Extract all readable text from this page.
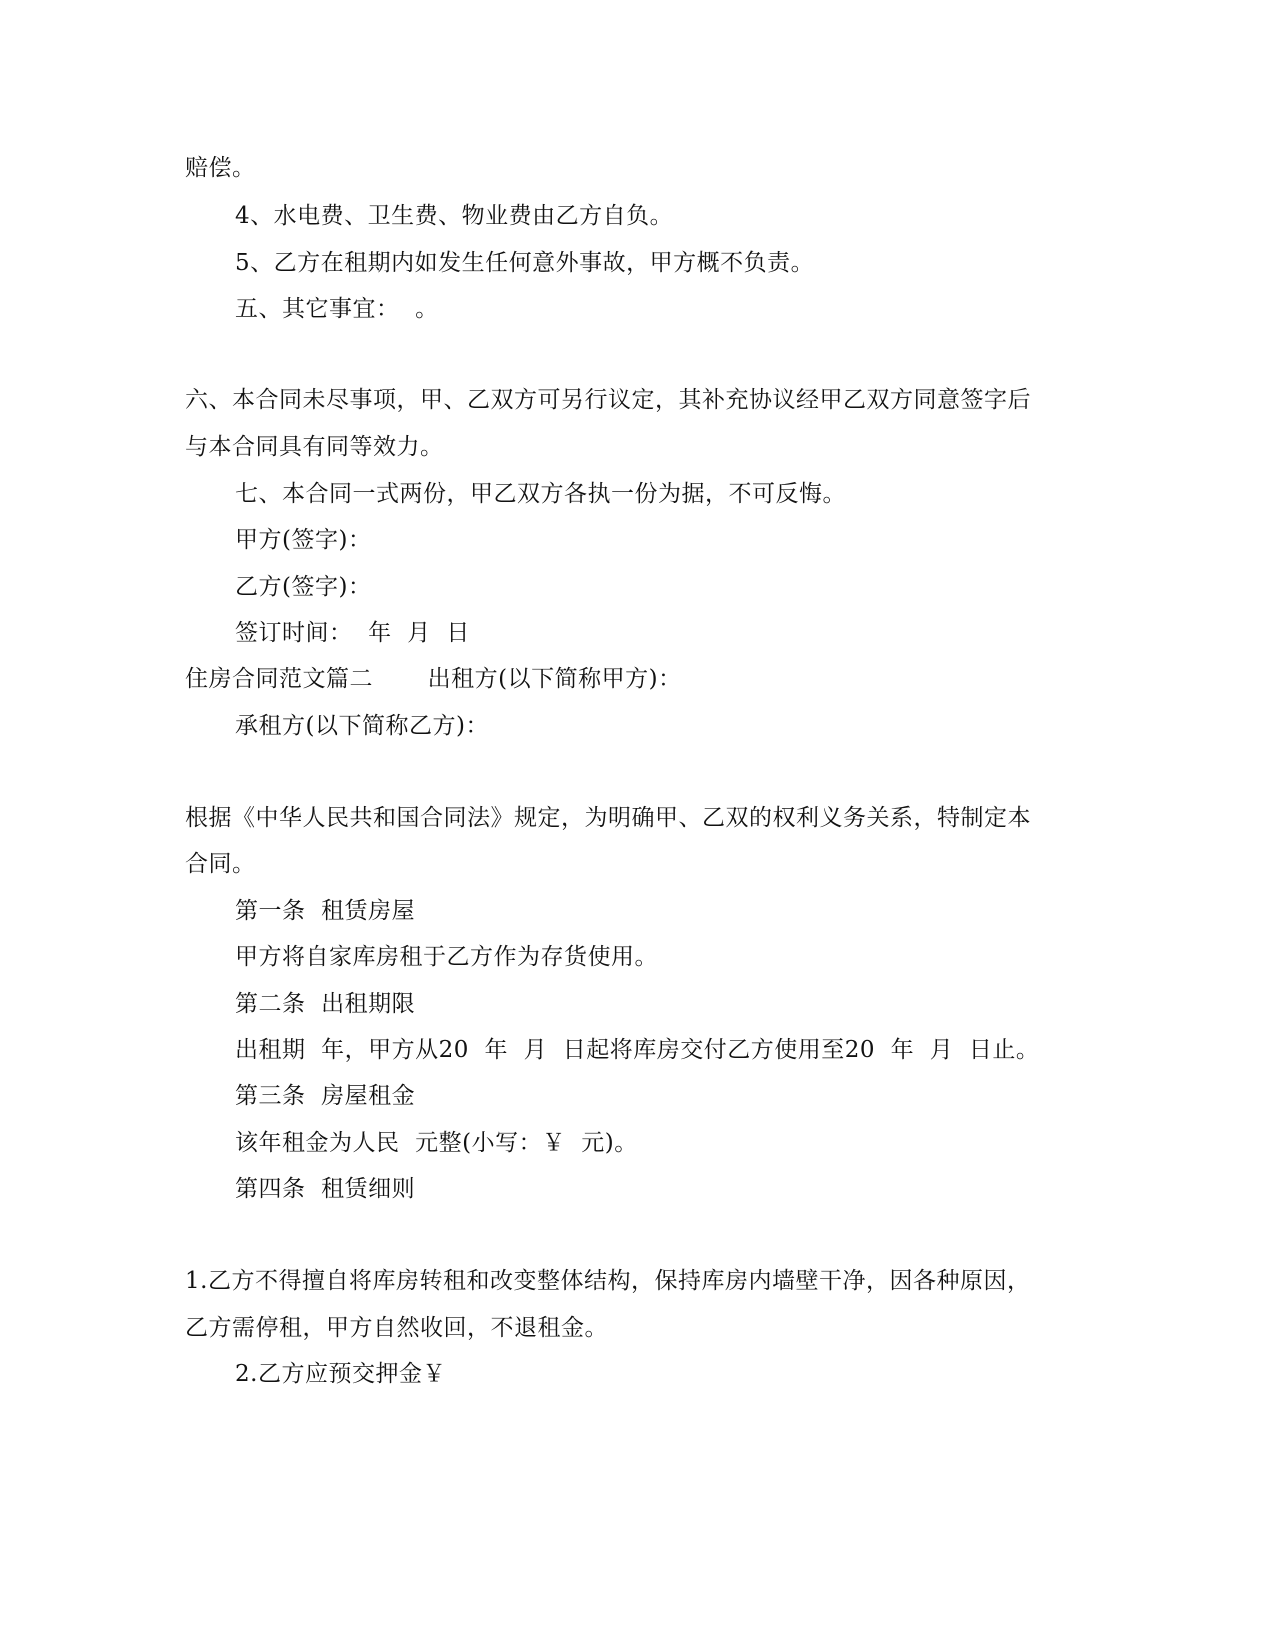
赔偿。
4、水电费、卫生费、物业费由乙方自负。
5、乙方在租期内如发生任何意外事故，甲方概不负责。
五、其它事宜：  。
六、本合同未尽事项，甲、乙双方可另行议定，其补充协议经甲乙双方同意签字后
与本合同具有同等效力。
七、本合同一式两份，甲乙双方各执一份为据，不可反悔。
甲方(签字)：
乙方(签字)：
签订时间：  年  月  日
住房合同范文篇二       出租方(以下简称甲方)：
承租方(以下简称乙方)：
根据《中华人民共和国合同法》规定，为明确甲、乙双的权利义务关系，特制定本
合同。
第一条  租赁房屋
甲方将自家库房租于乙方作为存货使用。
第二条  出租期限
出租期  年，甲方从20  年  月  日起将库房交付乙方使用至20  年  月  日止。
第三条  房屋租金
该年租金为人民  元整(小写：￥  元)。
第四条  租赁细则
1.乙方不得擅自将库房转租和改变整体结构，保持库房内墙壁干净，因各种原因，
乙方需停租，甲方自然收回，不退租金。
2.乙方应预交押金￥
